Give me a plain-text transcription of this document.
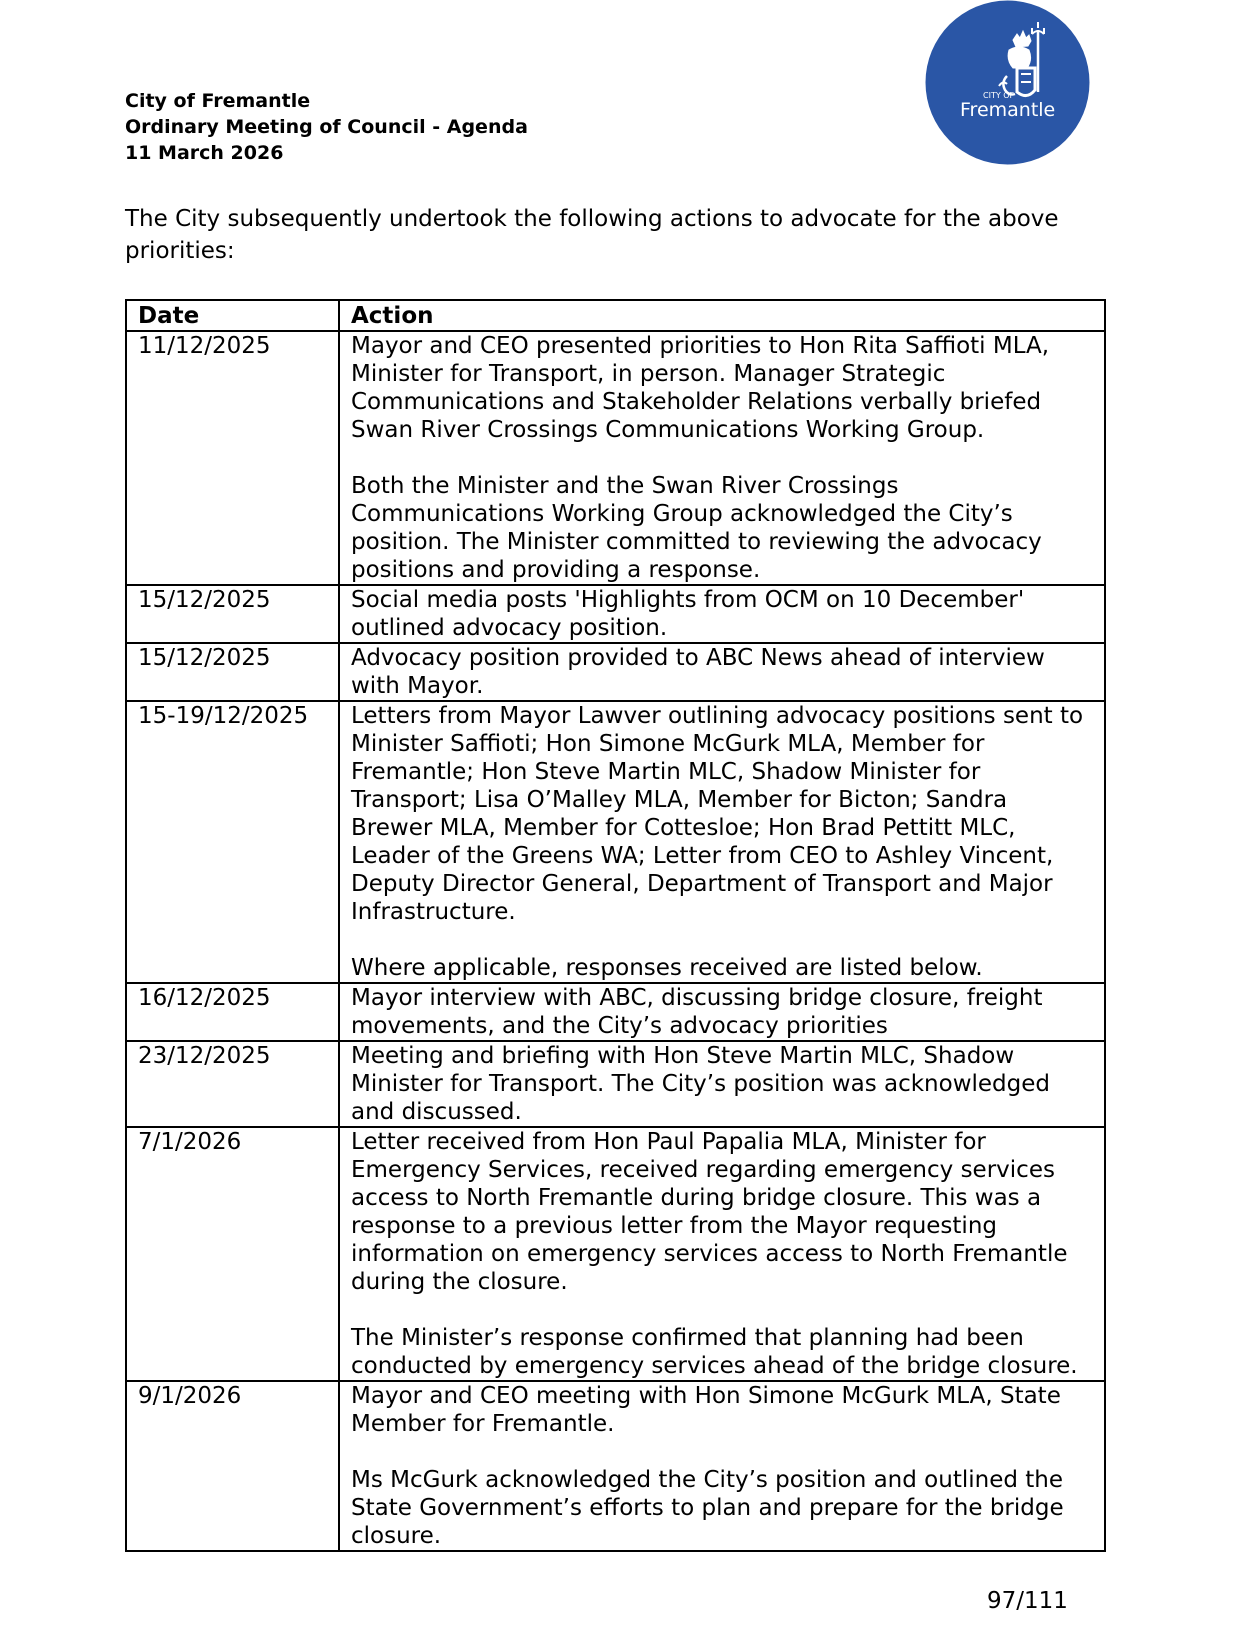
City of Fremantle
Ordinary Meeting of Council - Agenda
11 March 2026
CITY OF
Fremantle
The City subsequently undertook the following actions to advocate for the above priorities:
Date	Action
11/12/2025	Mayor and CEO presented priorities to Hon Rita Saffioti MLA, Minister for Transport, in person. Manager Strategic Communications and Stakeholder Relations verbally briefed Swan River Crossings Communications Working Group.

Both the Minister and the Swan River Crossings Communications Working Group acknowledged the City’s position. The Minister committed to reviewing the advocacy positions and providing a response.

15/12/2025	Social media posts 'Highlights from OCM on 10 December' outlined advocacy position.

15/12/2025	Advocacy position provided to ABC News ahead of interview with Mayor.

15-19/12/2025	Letters from Mayor Lawver outlining advocacy positions sent to Minister Saffioti; Hon Simone McGurk MLA, Member for Fremantle; Hon Steve Martin MLC, Shadow Minister for Transport; Lisa O’Malley MLA, Member for Bicton; Sandra Brewer MLA, Member for Cottesloe; Hon Brad Pettitt MLC, Leader of the Greens WA; Letter from CEO to Ashley Vincent, Deputy Director General, Department of Transport and Major Infrastructure.

Where applicable, responses received are listed below.

16/12/2025	Mayor interview with ABC, discussing bridge closure, freight movements, and the City’s advocacy priorities

23/12/2025	Meeting and briefing with Hon Steve Martin MLC, Shadow Minister for Transport. The City’s position was acknowledged and discussed.

7/1/2026	Letter received from Hon Paul Papalia MLA, Minister for Emergency Services, received regarding emergency services access to North Fremantle during bridge closure. This was a response to a previous letter from the Mayor requesting information on emergency services access to North Fremantle during the closure.

The Minister’s response confirmed that planning had been conducted by emergency services ahead of the bridge closure.

9/1/2026	Mayor and CEO meeting with Hon Simone McGurk MLA, State Member for Fremantle.

Ms McGurk acknowledged the City’s position and outlined the State Government’s efforts to plan and prepare for the bridge closure.

97/111
